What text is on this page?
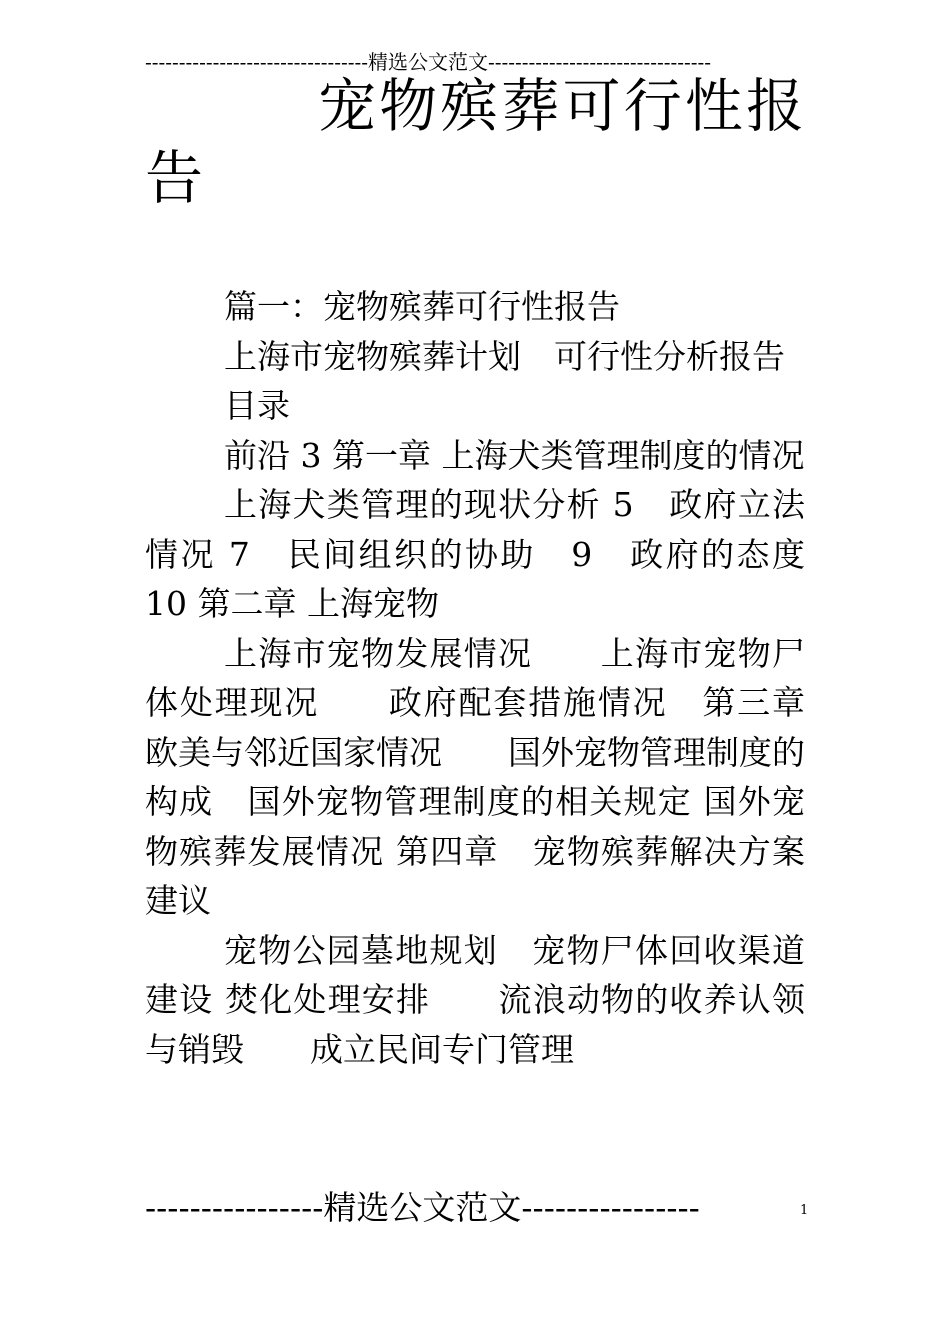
---------------------------------精选公文范文---------------------------------
宠物殡葬可行性报告

篇一：宠物殡葬可行性报告

上海市宠物殡葬计划　可行性分析报告

目录

前沿 3 第一章 上海犬类管理制度的情况

上海犬类管理的现状分析 5　政府立法情况 7　民间组织的协助　9　政府的态度　10 第二章 上海宠物

上海市宠物发展情况　　上海市宠物尸体处理现况　　政府配套措施情况　第三章 欧美与邻近国家情况　　国外宠物管理制度的构成　国外宠物管理制度的相关规定 国外宠物殡葬发展情况 第四章　宠物殡葬解决方案建议

宠物公园墓地规划　宠物尸体回收渠道建设 焚化处理安排　　流浪动物的收养认领与销毁　　成立民间专门管理

----------------精选公文范文----------------	1
